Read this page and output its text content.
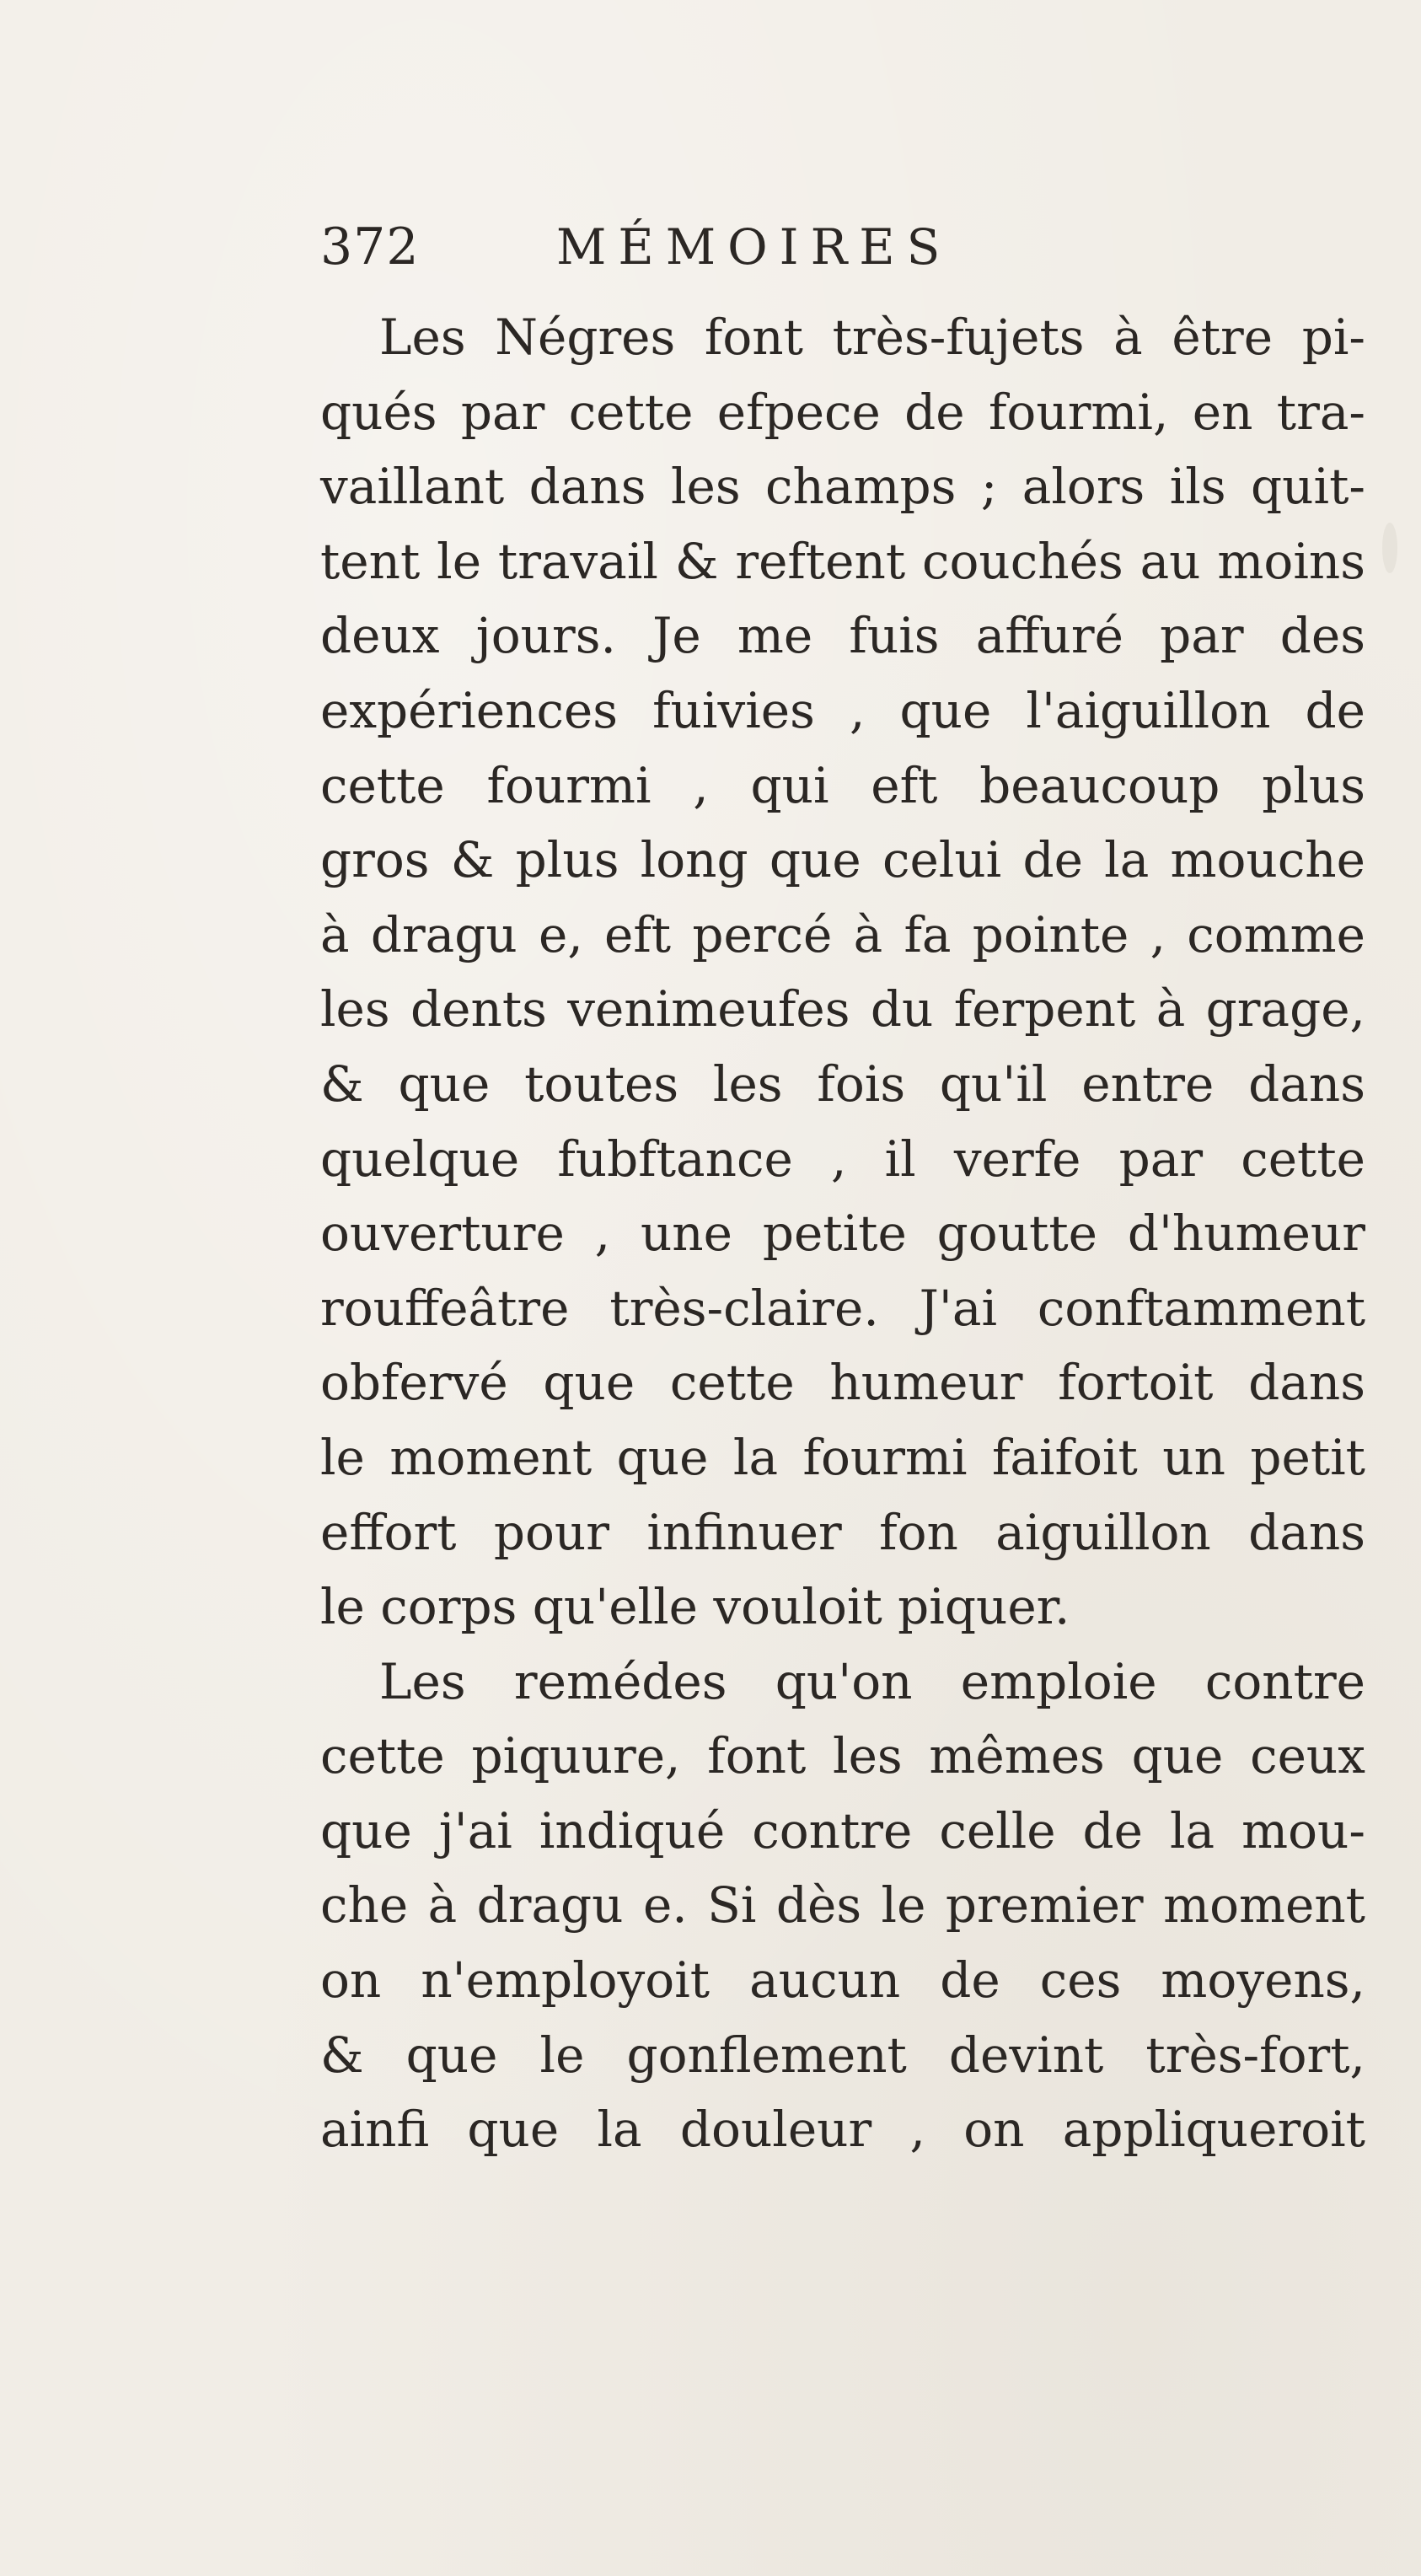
372	MÉMOIRES
Les Négres font très-fujets à être pi-
qués par cette efpece de fourmi, en tra-
vaillant dans les champs ; alors ils quit-
tent le travail & reftent couchés au moins
deux jours. Je me fuis affuré par des
expériences fuivies , que l'aiguillon de
cette fourmi , qui eft beaucoup plus
gros & plus long que celui de la mouche
à dragu e, eft percé à fa pointe , comme
les dents venimeufes du ferpent à grage,
& que toutes les fois qu'il entre dans
quelque fubftance , il verfe par cette
ouverture , une petite goutte d'humeur
rouffeâtre très-claire. J'ai conftamment
obfervé que cette humeur fortoit dans
le moment que la fourmi faifoit un petit
effort pour infinuer fon aiguillon dans
le corps qu'elle vouloit piquer.
Les remédes qu'on emploie contre
cette piquure, font les mêmes que ceux
que j'ai indiqué contre celle de la mou-
che à dragu e. Si dès le premier moment
on n'employoit aucun de ces moyens,
& que le gonflement devint très-fort,
ainfi que la douleur , on appliqueroit
